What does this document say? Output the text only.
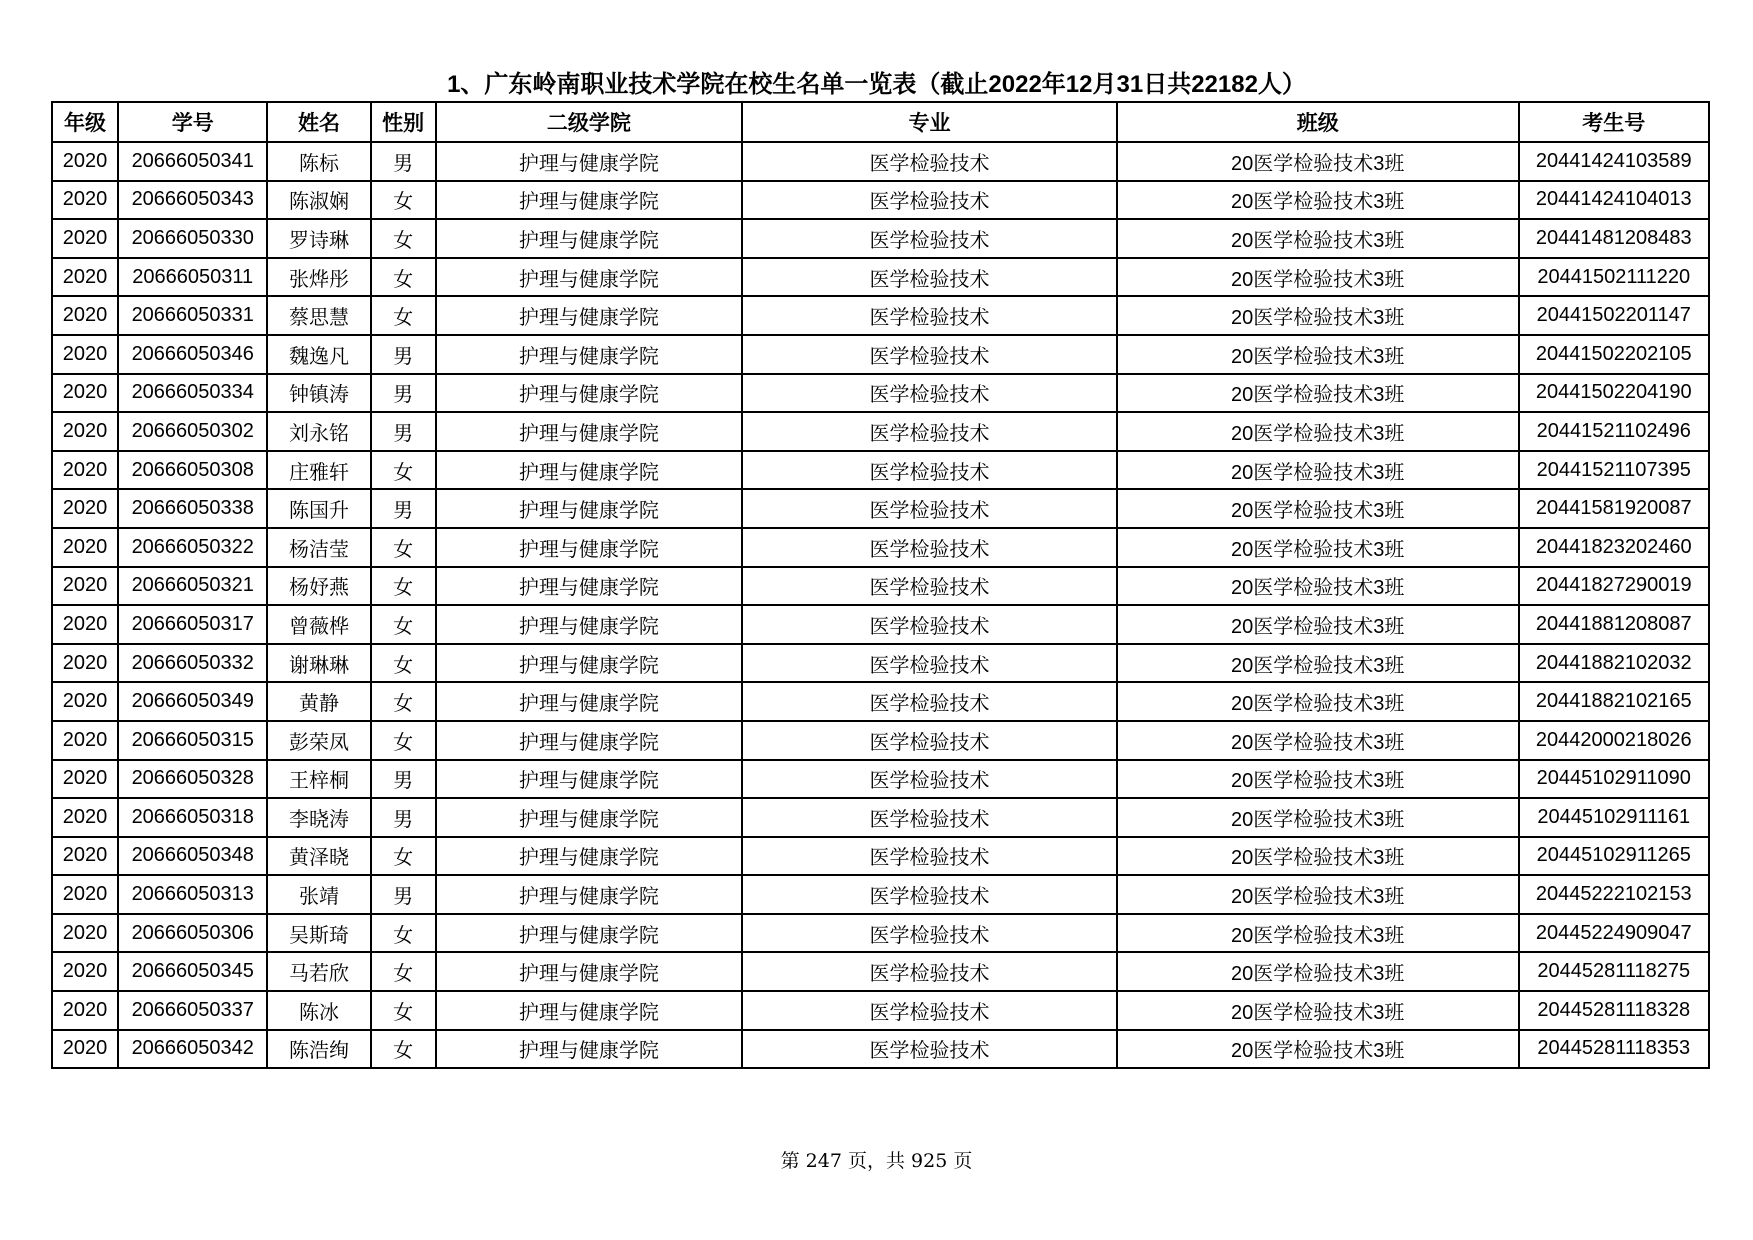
1、广东岭南职业技术学院在校生名单一览表（截止2022年12月31日共22182人）
年级	学号	姓名	性别	二级学院	专业	班级	考生号
2020	20666050341	陈标	男	护理与健康学院	医学检验技术	20医学检验技术3班	20441424103589
2020	20666050343	陈淑娴	女	护理与健康学院	医学检验技术	20医学检验技术3班	20441424104013
2020	20666050330	罗诗琳	女	护理与健康学院	医学检验技术	20医学检验技术3班	20441481208483
2020	20666050311	张烨彤	女	护理与健康学院	医学检验技术	20医学检验技术3班	20441502111220
2020	20666050331	蔡思慧	女	护理与健康学院	医学检验技术	20医学检验技术3班	20441502201147
2020	20666050346	魏逸凡	男	护理与健康学院	医学检验技术	20医学检验技术3班	20441502202105
2020	20666050334	钟镇涛	男	护理与健康学院	医学检验技术	20医学检验技术3班	20441502204190
2020	20666050302	刘永铭	男	护理与健康学院	医学检验技术	20医学检验技术3班	20441521102496
2020	20666050308	庄雅轩	女	护理与健康学院	医学检验技术	20医学检验技术3班	20441521107395
2020	20666050338	陈国升	男	护理与健康学院	医学检验技术	20医学检验技术3班	20441581920087
2020	20666050322	杨洁莹	女	护理与健康学院	医学检验技术	20医学检验技术3班	20441823202460
2020	20666050321	杨妤燕	女	护理与健康学院	医学检验技术	20医学检验技术3班	20441827290019
2020	20666050317	曾薇桦	女	护理与健康学院	医学检验技术	20医学检验技术3班	20441881208087
2020	20666050332	谢琳琳	女	护理与健康学院	医学检验技术	20医学检验技术3班	20441882102032
2020	20666050349	黄静	女	护理与健康学院	医学检验技术	20医学检验技术3班	20441882102165
2020	20666050315	彭荣凤	女	护理与健康学院	医学检验技术	20医学检验技术3班	20442000218026
2020	20666050328	王梓桐	男	护理与健康学院	医学检验技术	20医学检验技术3班	20445102911090
2020	20666050318	李晓涛	男	护理与健康学院	医学检验技术	20医学检验技术3班	20445102911161
2020	20666050348	黄泽晓	女	护理与健康学院	医学检验技术	20医学检验技术3班	20445102911265
2020	20666050313	张靖	男	护理与健康学院	医学检验技术	20医学检验技术3班	20445222102153
2020	20666050306	吴斯琦	女	护理与健康学院	医学检验技术	20医学检验技术3班	20445224909047
2020	20666050345	马若欣	女	护理与健康学院	医学检验技术	20医学检验技术3班	20445281118275
2020	20666050337	陈冰	女	护理与健康学院	医学检验技术	20医学检验技术3班	20445281118328
2020	20666050342	陈浩绚	女	护理与健康学院	医学检验技术	20医学检验技术3班	20445281118353
第 247 页，共 925 页
